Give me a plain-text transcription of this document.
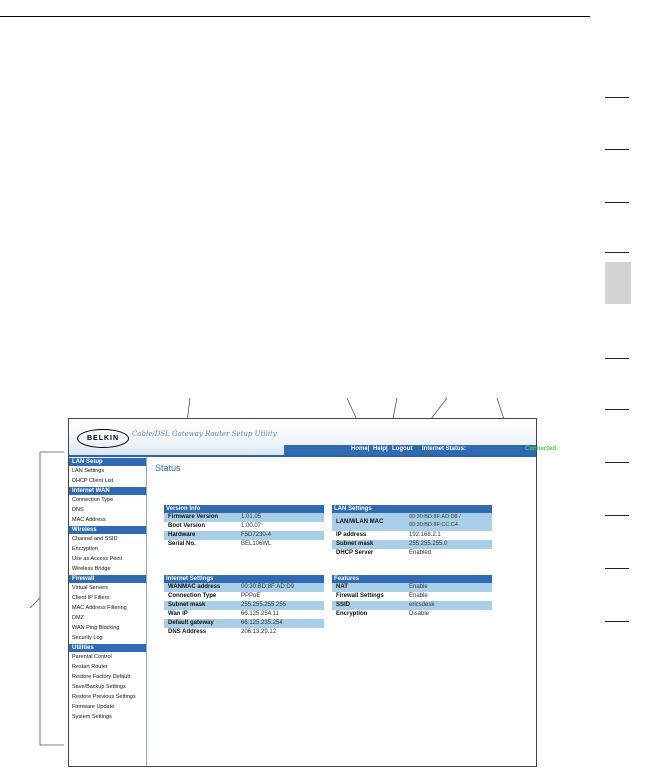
BELKIN
Cable/DSL Gateway Router Setup Utility
Home| Help| Logout Internet Status:	Connected
LAN Setup
LAN Settings
DHCP Client List
Internet WAN
Connection Type
DNS
MAC Address
Wireless
Channel and SSID
Encryption
Use as Access Point
Wireless Bridge
Firewall
Virtual Servers
Client IP Filters
MAC Address Filtering
DMZ
WAN Ping Blocking
Security Log
Utilities
Parental Control
Restart Router
Restore Factory Default
Save/Backup Settings
Restore Previous Settings
Firmware Update
System Settings
Status
Version Info
Firmware Version	1.01.05
Boot Version	1.00.07
Hardware	F5D7230-4
Serial No.	BEL106WL
LAN Settings
LAN/WLAN MAC
00:30:BD:8F:AD:D8 / 00:30:BD:8F:CC:C4
IP address	192.168.2.1
Subnet mask	255.255.255.0
DHCP Server	Enabled
Internet Settings
WANMAC address	00:30:BD:8F:AD:D9
Connection Type	PPPoE
Subnet mask	255.255.255.255
Wan IP	66.125.254.11
Default gateway	66.125.235.254
DNS Address	206.13.29.12
Features
NAT	Enable
Firewall Settings	Enable
SSID	ericsdesk
Encryption	Disable
